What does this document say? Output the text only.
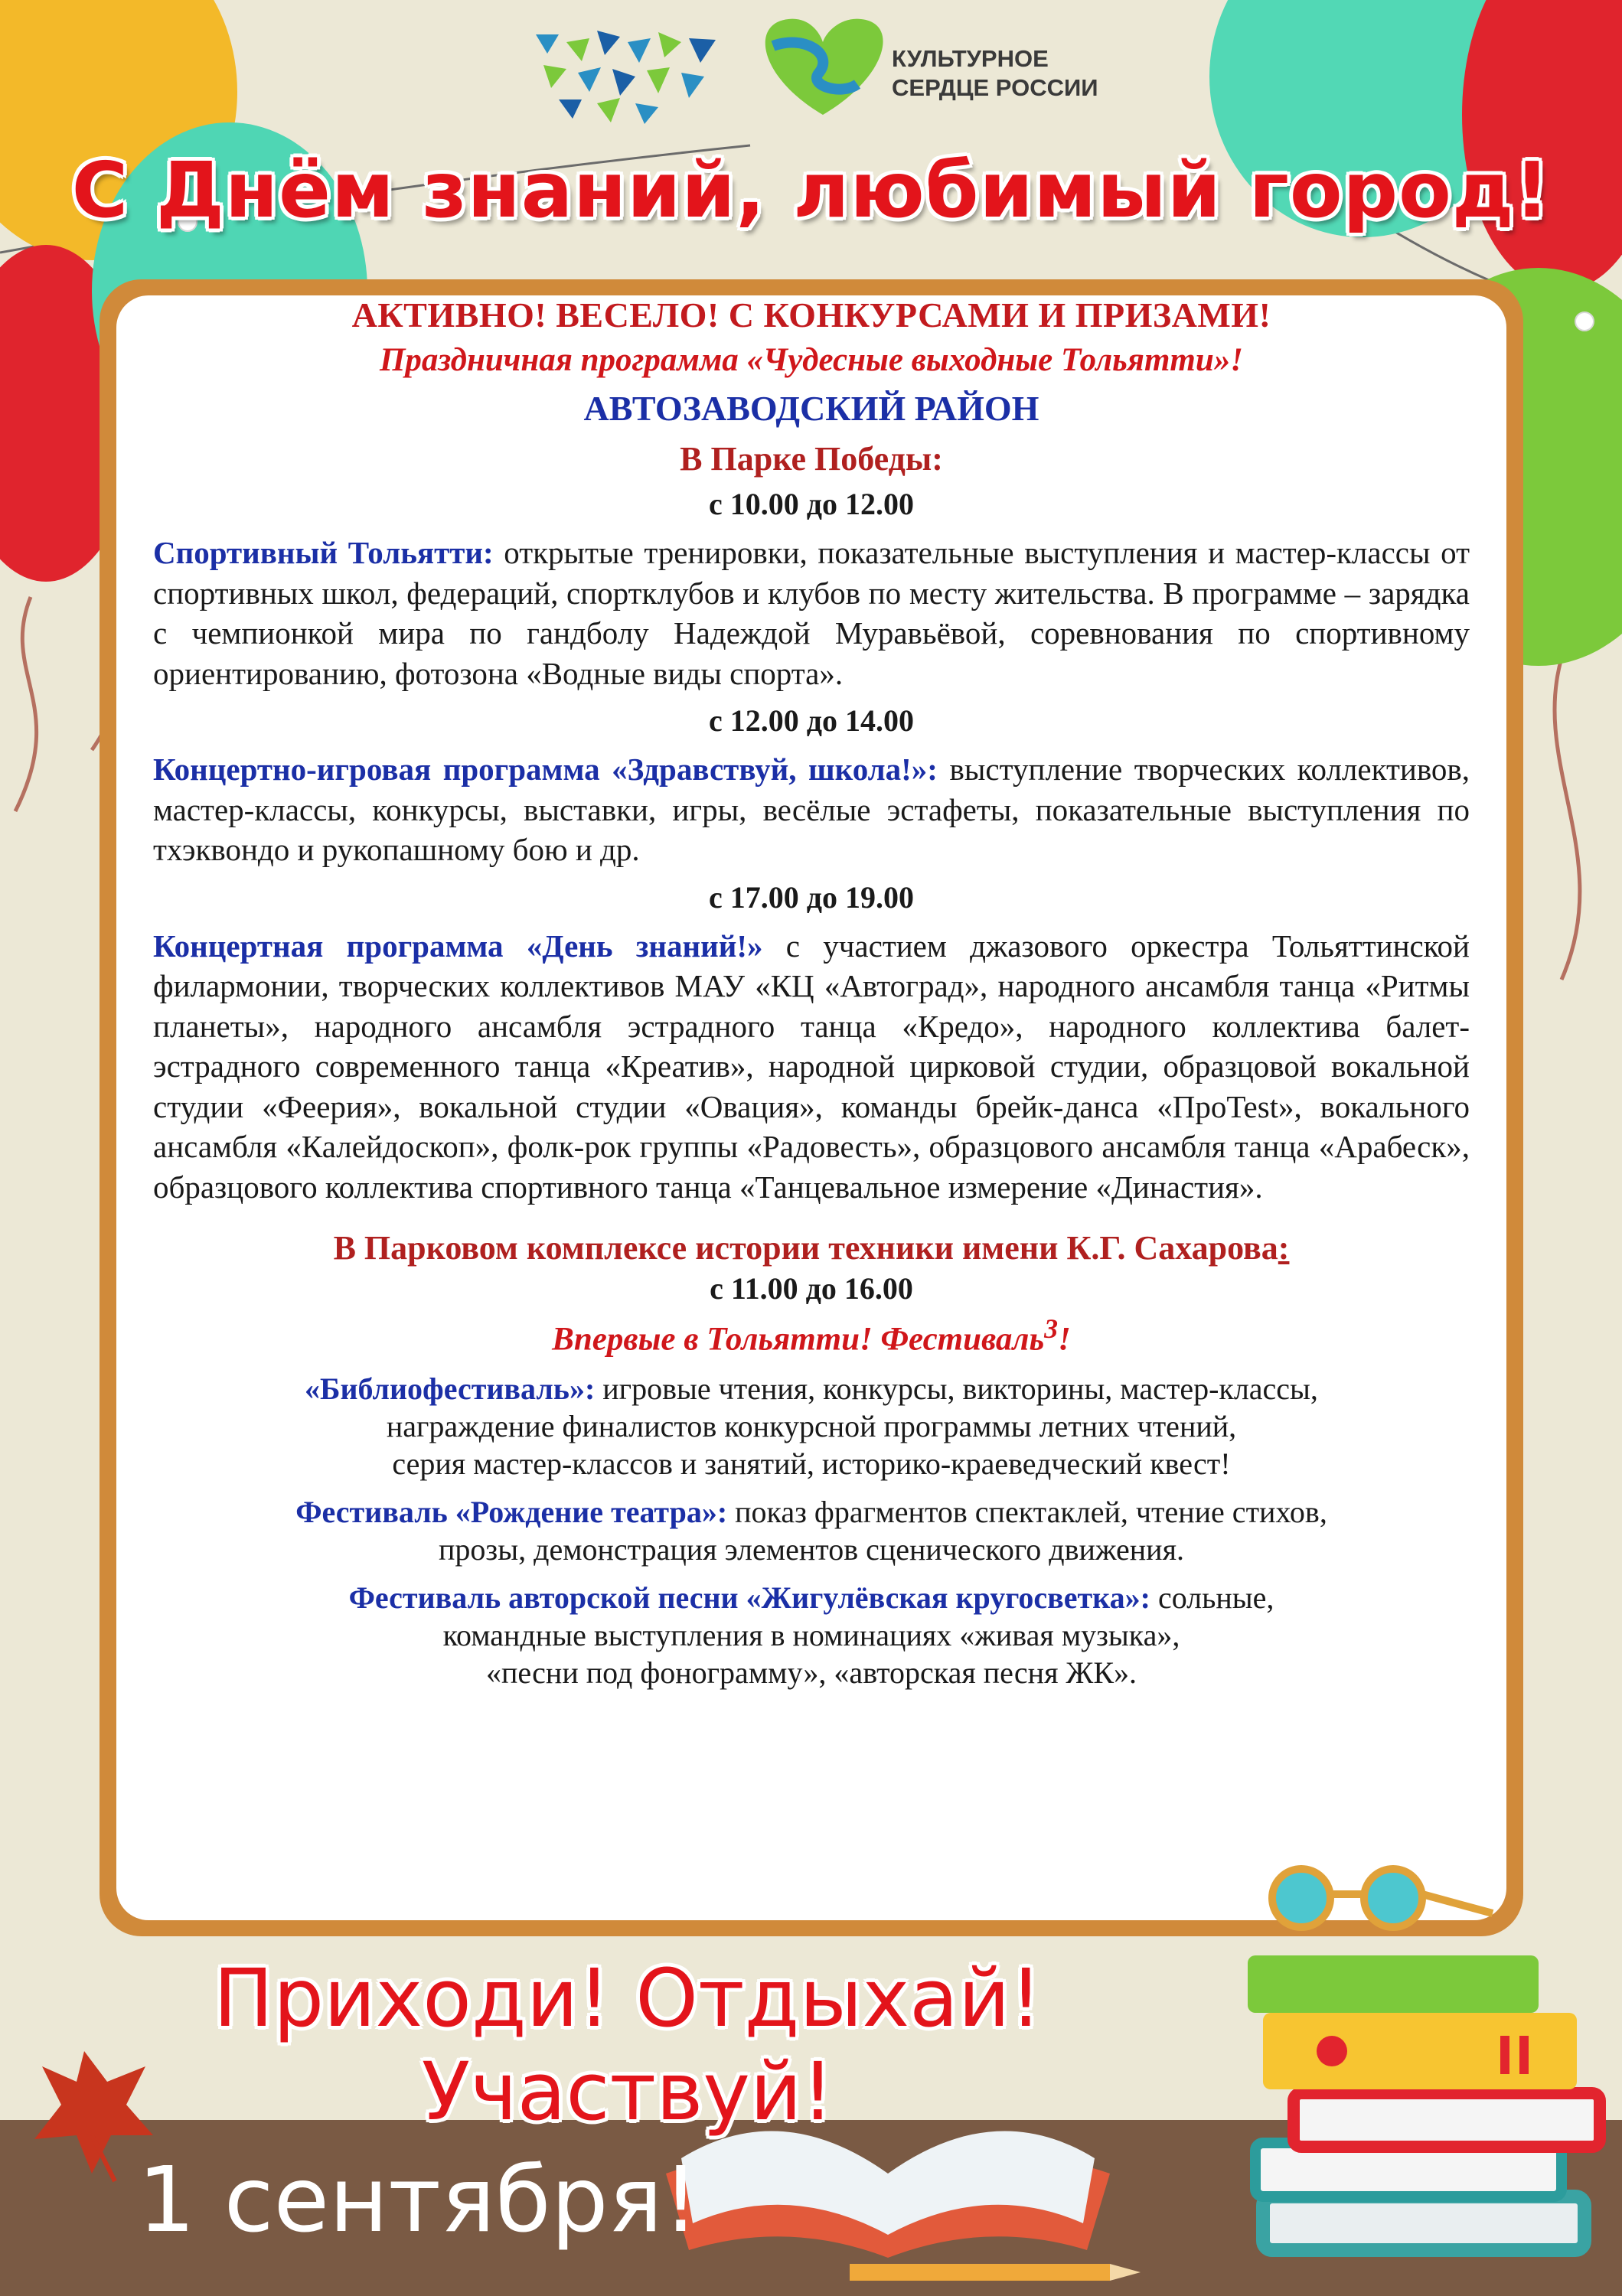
КУЛЬТУРНОЕ
СЕРДЦЕ РОССИИ
С Днём знаний, любимый город!
АКТИВНО! ВЕСЕЛО! С КОНКУРСАМИ И ПРИЗАМИ!
Праздничная программа «Чудесные выходные Тольятти»!
АВТОЗАВОДСКИЙ РАЙОН
В Парке Победы:
с 10.00 до 12.00
Спортивный Тольятти: открытые тренировки, показательные выступления и мастер-классы от спортивных школ, федераций, спортклубов и клубов по месту жительства. В программе – зарядка с чемпионкой мира по гандболу Надеждой Муравьёвой, соревнования по спортивному ориентированию, фотозона «Водные виды спорта».
с 12.00 до 14.00
Концертно-игровая программа «Здравствуй, школа!»: выступление творческих коллективов, мастер-классы, конкурсы, выставки, игры, весёлые эстафеты, показательные выступления по тхэквондо и рукопашному бою и др.
с 17.00 до 19.00
Концертная программа «День знаний!» с участием джазового оркестра Тольяттинской филармонии, творческих коллективов МАУ «КЦ «Автоград», народного ансамбля танца «Ритмы планеты», народного ансамбля эстрадного танца «Кредо», народного коллектива балет-эстрадного современного танца «Креатив», народной цирковой студии, образцовой вокальной студии «Феерия», вокальной студии «Овация», команды брейк-данса «ПроTest», вокального ансамбля «Калейдоскоп», фолк-рок группы «Радовесть», образцового ансамбля танца «Арабеск», образцового коллектива спортивного танца «Танцевальное измерение «Династия».
В Парковом комплексе истории техники имени К.Г. Сахарова:
с 11.00 до 16.00
Впервые в Тольятти! Фестиваль$^3$!
«Библиофестиваль»: игровые чтения, конкурсы, викторины, мастер-классы,
награждение финалистов конкурсной программы летних чтений,
серия мастер-классов и занятий, историко-краеведческий квест!
Фестиваль «Рождение театра»: показ фрагментов спектаклей, чтение стихов,
прозы, демонстрация элементов сценического движения.
Фестиваль авторской песни «Жигулёвская кругосветка»: сольные,
командные выступления в номинациях «живая музыка»,
«песни под фонограмму», «авторская песня ЖК».
Приходи! Отдыхай! Участвуй!
1 сентября!
